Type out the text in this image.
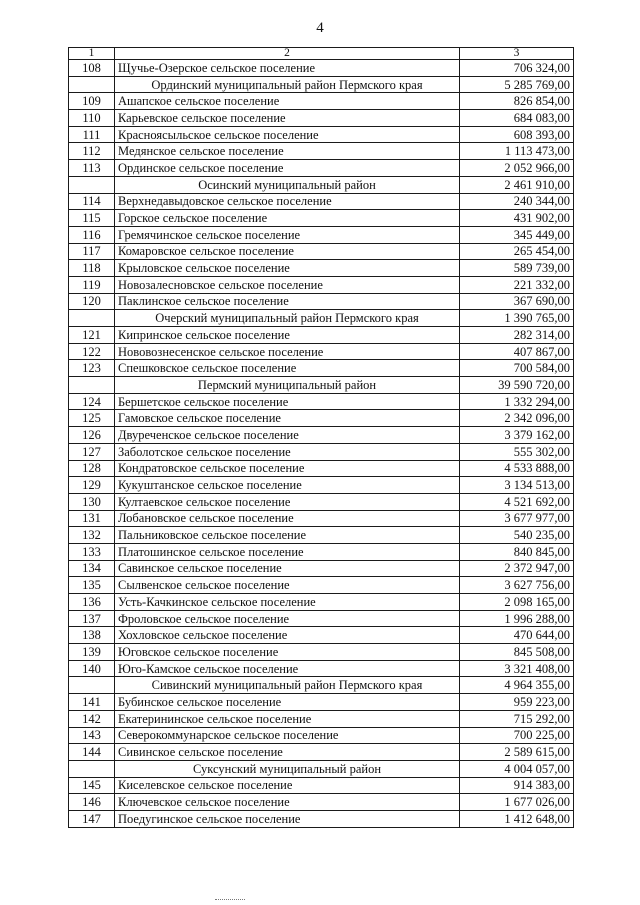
4
1	2	3
108	Щучье-Озерское сельское поселение	706 324,00
	Ординский муниципальный район Пермского края	5 285 769,00
109	Ашапское сельское поселение	826 854,00
110	Карьевское сельское поселение	684 083,00
111	Красноясыльское сельское поселение	608 393,00
112	Медянское сельское поселение	1 113 473,00
113	Ординское сельское поселение	2 052 966,00
	Осинский муниципальный район	2 461 910,00
114	Верхнедавыдовское сельское поселение	240 344,00
115	Горское сельское поселение	431 902,00
116	Гремячинское сельское поселение	345 449,00
117	Комаровское сельское поселение	265 454,00
118	Крыловское сельское поселение	589 739,00
119	Новозалесновское сельское поселение	221 332,00
120	Паклинское сельское поселение	367 690,00
	Очерский муниципальный район Пермского края	1 390 765,00
121	Кипринское сельское поселение	282 314,00
122	Нововознесенское сельское поселение	407 867,00
123	Спешковское сельское поселение	700 584,00
	Пермский муниципальный район	39 590 720,00
124	Бершетское сельское поселение	1 332 294,00
125	Гамовское сельское поселение	2 342 096,00
126	Двуреченское сельское поселение	3 379 162,00
127	Заболотское сельское поселение	555 302,00
128	Кондратовское сельское поселение	4 533 888,00
129	Кукуштанское сельское поселение	3 134 513,00
130	Култаевское сельское поселение	4 521 692,00
131	Лобановское сельское поселение	3 677 977,00
132	Пальниковское сельское поселение	540 235,00
133	Платошинское сельское поселение	840 845,00
134	Савинское сельское поселение	2 372 947,00
135	Сылвенское сельское поселение	3 627 756,00
136	Усть-Качкинское сельское поселение	2 098 165,00
137	Фроловское сельское поселение	1 996 288,00
138	Хохловское сельское поселение	470 644,00
139	Юговское сельское поселение	845 508,00
140	Юго-Камское сельское поселение	3 321 408,00
	Сивинский муниципальный район Пермского края	4 964 355,00
141	Бубинское сельское поселение	959 223,00
142	Екатерининское сельское поселение	715 292,00
143	Северокоммунарское сельское поселение	700 225,00
144	Сивинское сельское поселение	2 589 615,00
	Суксунский муниципальный район	4 004 057,00
145	Киселевское сельское поселение	914 383,00
146	Ключевское сельское поселение	1 677 026,00
147	Поедугинское сельское поселение	1 412 648,00
